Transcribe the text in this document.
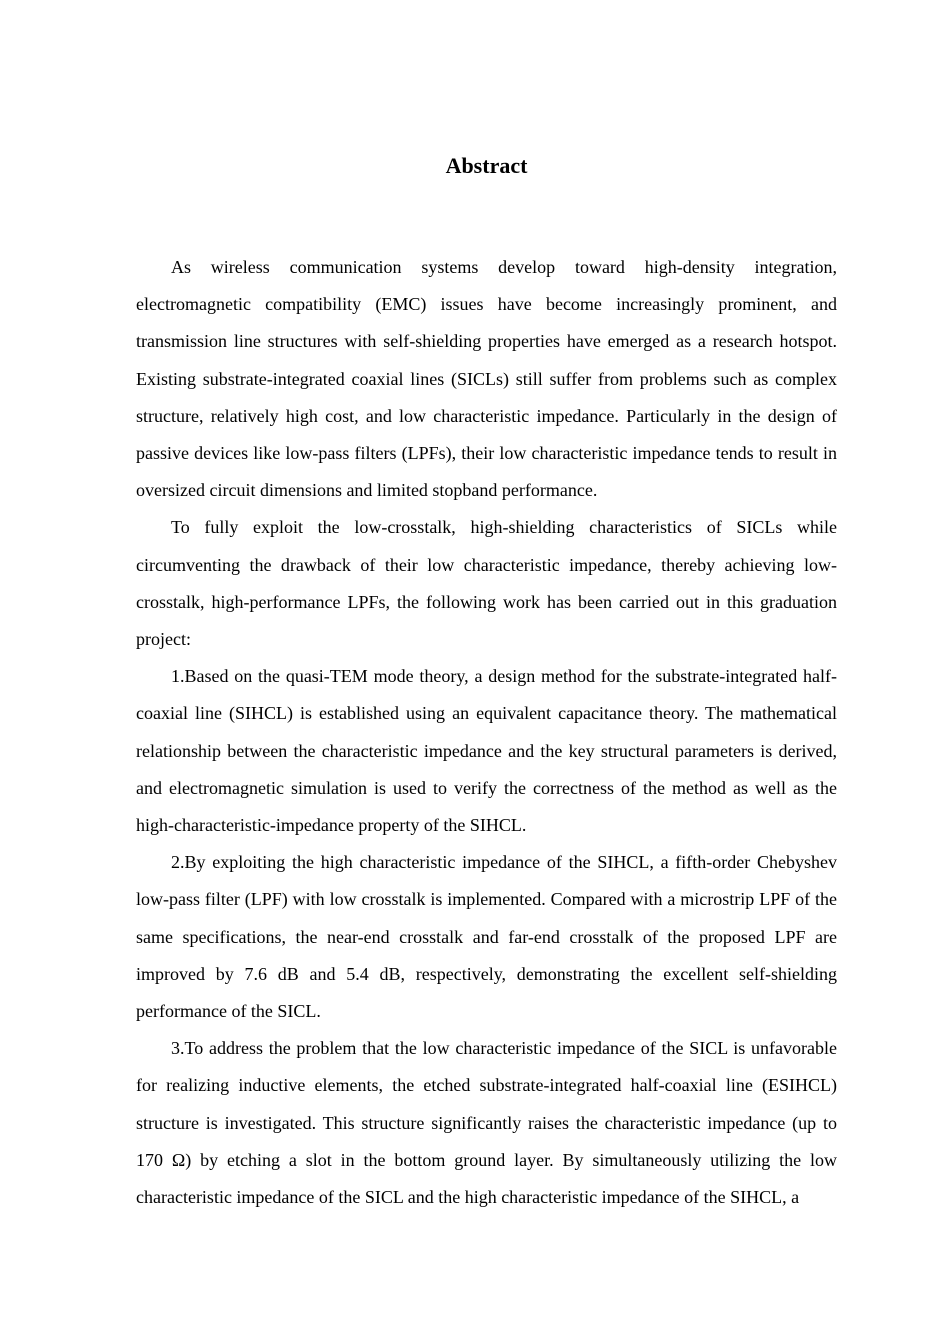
Abstract

As wireless communication systems develop toward high-density integration, electromagnetic compatibility (EMC) issues have become increasingly prominent, and transmission line structures with self-shielding properties have emerged as a research hotspot. Existing substrate-integrated coaxial lines (SICLs) still suffer from problems such as complex structure, relatively high cost, and low characteristic impedance. Particularly in the design of passive devices like low-pass filters (LPFs), their low characteristic impedance tends to result in oversized circuit dimensions and limited stopband performance.

To fully exploit the low-crosstalk, high-shielding characteristics of SICLs while circumventing the drawback of their low characteristic impedance, thereby achieving low-crosstalk, high-performance LPFs, the following work has been carried out in this graduation project:

1.Based on the quasi-TEM mode theory, a design method for the substrate-integrated half-coaxial line (SIHCL) is established using an equivalent capacitance theory. The mathematical relationship between the characteristic impedance and the key structural parameters is derived, and electromagnetic simulation is used to verify the correctness of the method as well as the high-characteristic-impedance property of the SIHCL.

2.By exploiting the high characteristic impedance of the SIHCL, a fifth-order Chebyshev low-pass filter (LPF) with low crosstalk is implemented. Compared with a microstrip LPF of the same specifications, the near-end crosstalk and far-end crosstalk of the proposed LPF are improved by 7.6 dB and 5.4 dB, respectively, demonstrating the excellent self-shielding performance of the SICL.

3.To address the problem that the low characteristic impedance of the SICL is unfavorable for realizing inductive elements, the etched substrate-integrated half-coaxial line (ESIHCL) structure is investigated. This structure significantly raises the characteristic impedance (up to 170 Ω) by etching a slot in the bottom ground layer. By simultaneously utilizing the low characteristic impedance of the SICL and the high characteristic impedance of the SIHCL, a
